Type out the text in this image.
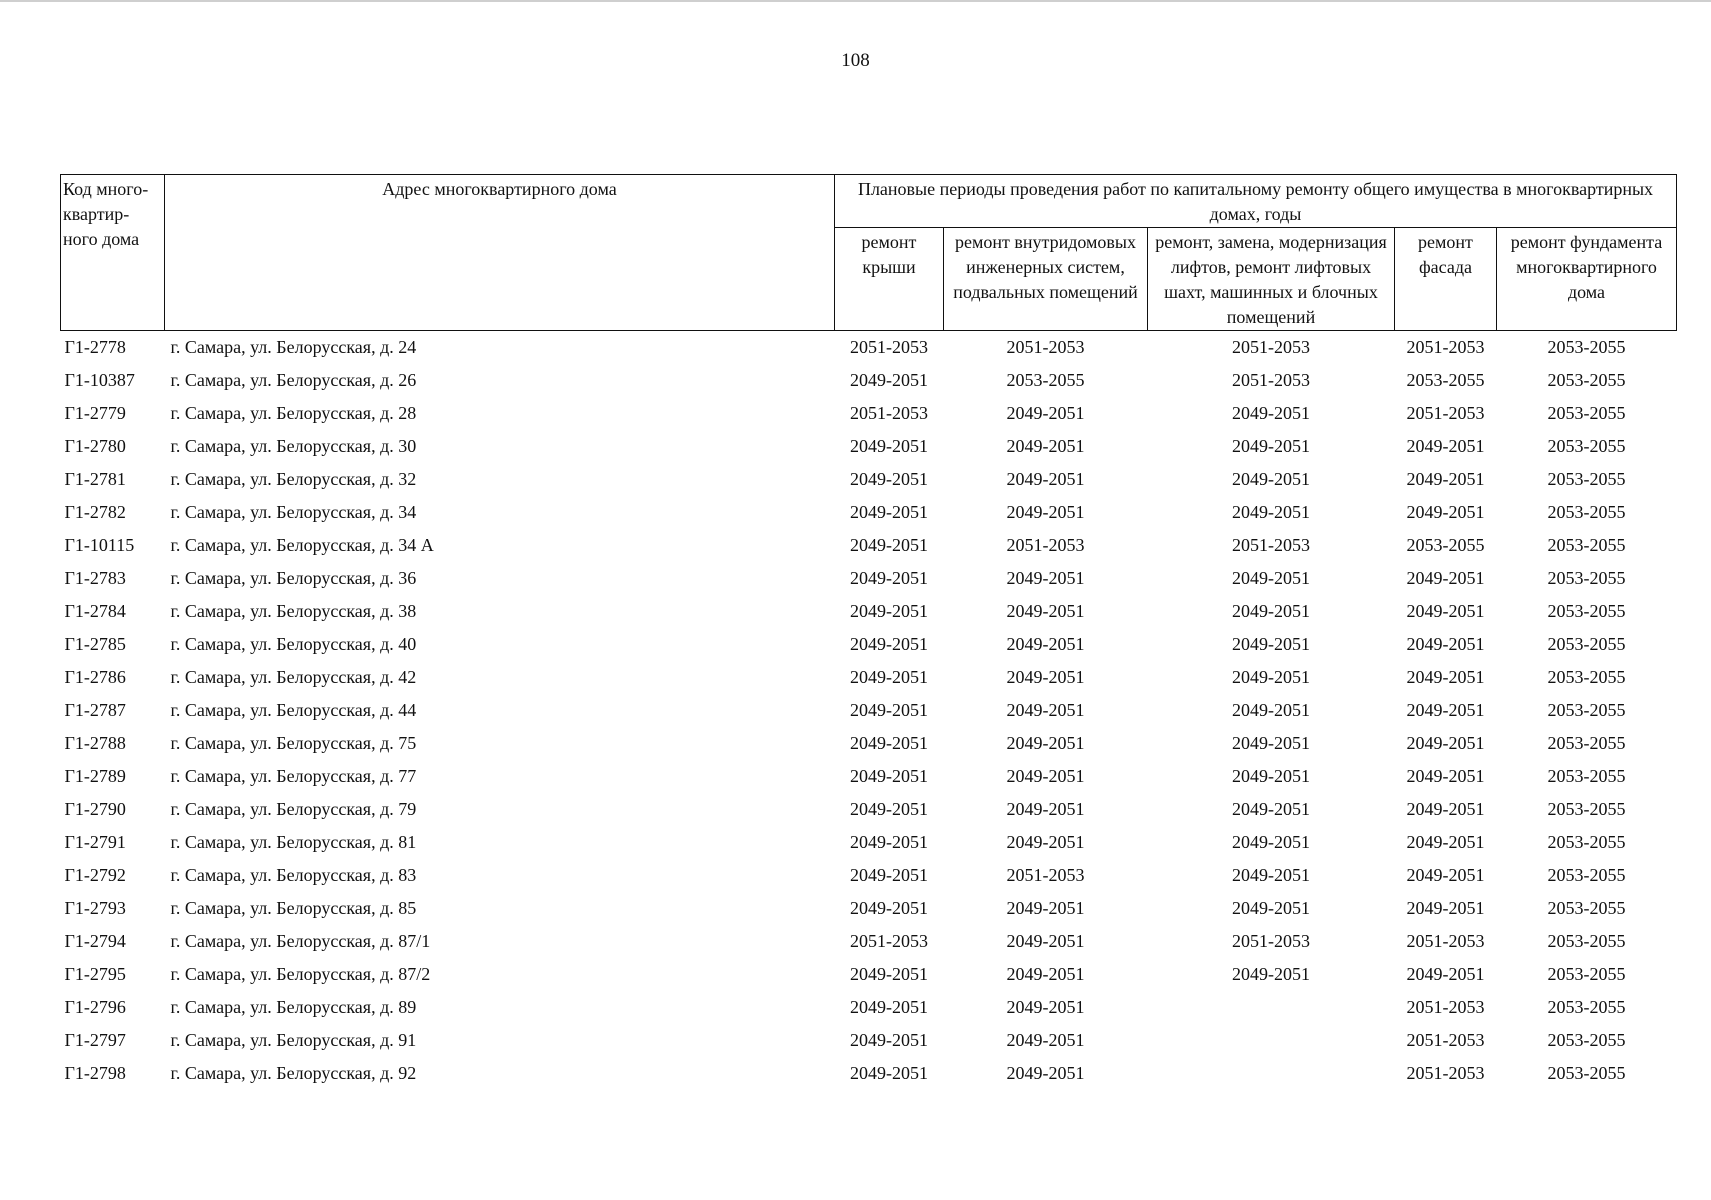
108
Код много-квартир-ного дома	Адрес многоквартирного дома	Плановые периоды проведения работ по капитальному ремонту общего имущества в многоквартирных домах, годы				
		ремонт крыши	ремонт внутридомовых инженерных систем, подвальных помещений	ремонт, замена, модернизация лифтов, ремонт лифтовых шахт, машинных и блочных помещений	ремонт фасада	ремонт фундамента многоквартирного дома
Г1-2778	г. Самара, ул. Белорусская, д. 24	2051-2053	2051-2053	2051-2053	2051-2053	2053-2055
Г1-10387	г. Самара, ул. Белорусская, д. 26	2049-2051	2053-2055	2051-2053	2053-2055	2053-2055
Г1-2779	г. Самара, ул. Белорусская, д. 28	2051-2053	2049-2051	2049-2051	2051-2053	2053-2055
Г1-2780	г. Самара, ул. Белорусская, д. 30	2049-2051	2049-2051	2049-2051	2049-2051	2053-2055
Г1-2781	г. Самара, ул. Белорусская, д. 32	2049-2051	2049-2051	2049-2051	2049-2051	2053-2055
Г1-2782	г. Самара, ул. Белорусская, д. 34	2049-2051	2049-2051	2049-2051	2049-2051	2053-2055
Г1-10115	г. Самара, ул. Белорусская, д. 34 А	2049-2051	2051-2053	2051-2053	2053-2055	2053-2055
Г1-2783	г. Самара, ул. Белорусская, д. 36	2049-2051	2049-2051	2049-2051	2049-2051	2053-2055
Г1-2784	г. Самара, ул. Белорусская, д. 38	2049-2051	2049-2051	2049-2051	2049-2051	2053-2055
Г1-2785	г. Самара, ул. Белорусская, д. 40	2049-2051	2049-2051	2049-2051	2049-2051	2053-2055
Г1-2786	г. Самара, ул. Белорусская, д. 42	2049-2051	2049-2051	2049-2051	2049-2051	2053-2055
Г1-2787	г. Самара, ул. Белорусская, д. 44	2049-2051	2049-2051	2049-2051	2049-2051	2053-2055
Г1-2788	г. Самара, ул. Белорусская, д. 75	2049-2051	2049-2051	2049-2051	2049-2051	2053-2055
Г1-2789	г. Самара, ул. Белорусская, д. 77	2049-2051	2049-2051	2049-2051	2049-2051	2053-2055
Г1-2790	г. Самара, ул. Белорусская, д. 79	2049-2051	2049-2051	2049-2051	2049-2051	2053-2055
Г1-2791	г. Самара, ул. Белорусская, д. 81	2049-2051	2049-2051	2049-2051	2049-2051	2053-2055
Г1-2792	г. Самара, ул. Белорусская, д. 83	2049-2051	2051-2053	2049-2051	2049-2051	2053-2055
Г1-2793	г. Самара, ул. Белорусская, д. 85	2049-2051	2049-2051	2049-2051	2049-2051	2053-2055
Г1-2794	г. Самара, ул. Белорусская, д. 87/1	2051-2053	2049-2051	2051-2053	2051-2053	2053-2055
Г1-2795	г. Самара, ул. Белорусская, д. 87/2	2049-2051	2049-2051	2049-2051	2049-2051	2053-2055
Г1-2796	г. Самара, ул. Белорусская, д. 89	2049-2051	2049-2051		2051-2053	2053-2055
Г1-2797	г. Самара, ул. Белорусская, д. 91	2049-2051	2049-2051		2051-2053	2053-2055
Г1-2798	г. Самара, ул. Белорусская, д. 92	2049-2051	2049-2051		2051-2053	2053-2055
